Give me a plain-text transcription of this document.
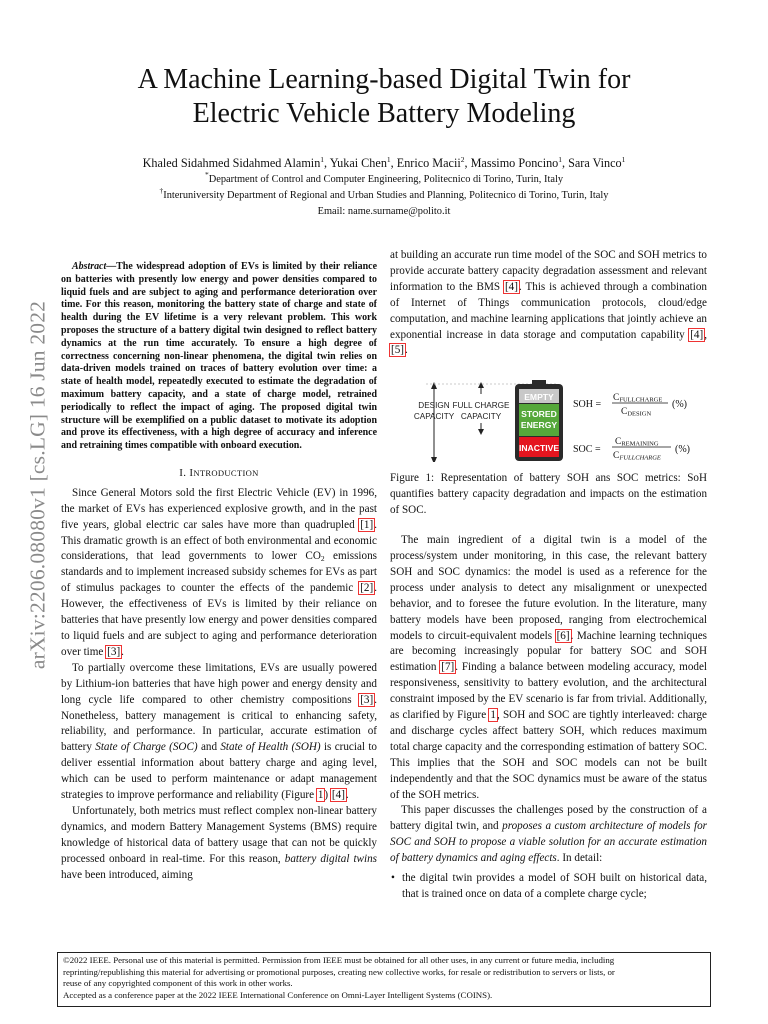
arXiv:2206.08080v1 [cs.LG] 16 Jun 2022
A Machine Learning-based Digital Twin for
Electric Vehicle Battery Modeling
Khaled Sidahmed Sidahmed Alamin$^1$, Yukai Chen$^1$, Enrico Macii$^2$, Massimo Poncino$^1$, Sara Vinco$^1$
*Department of Control and Computer Engineering, Politecnico di Torino, Turin, Italy
†Interuniversity Department of Regional and Urban Studies and Planning, Politecnico di Torino, Turin, Italy
Email: name.surname@polito.it
Abstract—The widespread adoption of EVs is limited by their reliance on batteries with presently low energy and power densities compared to liquid fuels and are subject to aging and performance deterioration over time. For this reason, monitoring the battery state of charge and state of health during the EV lifetime is a very relevant problem. This work proposes the structure of a battery digital twin designed to reflect battery dynamics at the run time accurately. To ensure a high degree of correctness concerning non-linear phenomena, the digital twin relies on data-driven models trained on traces of battery evolution over time: a state of health model, repeatedly executed to estimate the degradation of maximum battery capacity, and a state of charge model, retrained periodically to reflect the impact of aging. The proposed digital twin structure will be exemplified on a public dataset to motivate its adoption and prove its effectiveness, with a high degree of accuracy and inference and retraining times compatible with onboard execution.
I. INTRODUCTION

Since General Motors sold the first Electric Vehicle (EV) in 1996, the market of EVs has experienced explosive growth, and in the past five years, global electric car sales have more than quadrupled [1]. This dramatic growth is an effect of both environmental and economic considerations, that lead governments to lower $CO_2$ emissions standards and to implement increased subsidy schemes for EVs as part of stimulus packages to counter the effects of the pandemic [2]. However, the effectiveness of EVs is limited by their reliance on batteries that have presently low energy and power densities compared to liquid fuels and are subject to aging and performance deterioration over time [3].

To partially overcome these limitations, EVs are usually powered by Lithium-ion batteries that have high power and energy density and long cycle life compared to other chemistry compositions [3]. Nonetheless, battery management is critical to enhancing safety, reliability, and performance. In particular, accurate estimation of battery State of Charge (SOC) and State of Health (SOH) is crucial to deliver essential information about battery charge and aging level, which can be used to perform maintenance or adapt management strategies to improve performance and reliability (Figure 1) [4].

Unfortunately, both metrics must reflect complex non-linear battery dynamics, and modern Battery Management Systems (BMS) require knowledge of historical data of battery usage that can not be quickly processed onboard in real-time. For this reason, battery digital twins have been introduced, aiming

at building an accurate run time model of the SOC and SOH metrics to provide accurate battery capacity degradation assessment and relevant information to the BMS [4]. This is achieved through a combination of Internet of Things communication protocols, cloud/edge computation, and machine learning applications that jointly achieve an exponential increase in data storage and computation capability [4], [5].

DESIGN
CAPACITY
FULL CHARGE
CAPACITY
EMPTY
STORED
ENERGY
INACTIVE
SOH =
CFULLCHARGE
CDESIGN
(%)
SOC =
CREMAINING
CFULLCHARGE
(%)
Figure 1: Representation of battery SOH ans SOC metrics: SoH quantifies battery capacity degradation and impacts on the estimation of SOC.

The main ingredient of a digital twin is a model of the process/system under monitoring, in this case, the relevant battery SOH and SOC dynamics: the model is used as a reference for the process under analysis to detect any misalignment or unexpected behavior, and to foresee the future evolution. In the literature, many battery models have been proposed, ranging from electrochemical models to circuit-equivalent models [6]. Machine learning techniques are becoming increasingly popular for battery SOC and SOH estimation [7]. Finding a balance between modeling accuracy, model responsiveness, sensitivity to battery evolution, and the architectural constraint imposed by the EV scenario is far from trivial. Additionally, as clarified by Figure 1, SOH and SOC are tightly interleaved: charge and discharge cycles affect battery SOH, which reduces maximum total charge capacity and the corresponding estimation of battery SOC. This implies that the SOH and SOC models can not be built independently and that the SOC dynamics must be aware of the status of the SOH metrics.

This paper discusses the challenges posed by the construction of a battery digital twin, and proposes a custom architecture of models for SOC and SOH to propose a viable solution for an accurate estimation of battery dynamics and aging effects. In detail:

• the digital twin provides a model of SOH built on historical data, that is trained once on data of a complete charge cycle;

©2022 IEEE. Personal use of this material is permitted. Permission from IEEE must be obtained for all other uses, in any current or future media, including
reprinting/republishing this material for advertising or promotional purposes, creating new collective works, for resale or redistribution to servers or lists, or
reuse of any copyrighted component of this work in other works.
Accepted as a conference paper at the 2022 IEEE International Conference on Omni-Layer Intelligent Systems (COINS).
